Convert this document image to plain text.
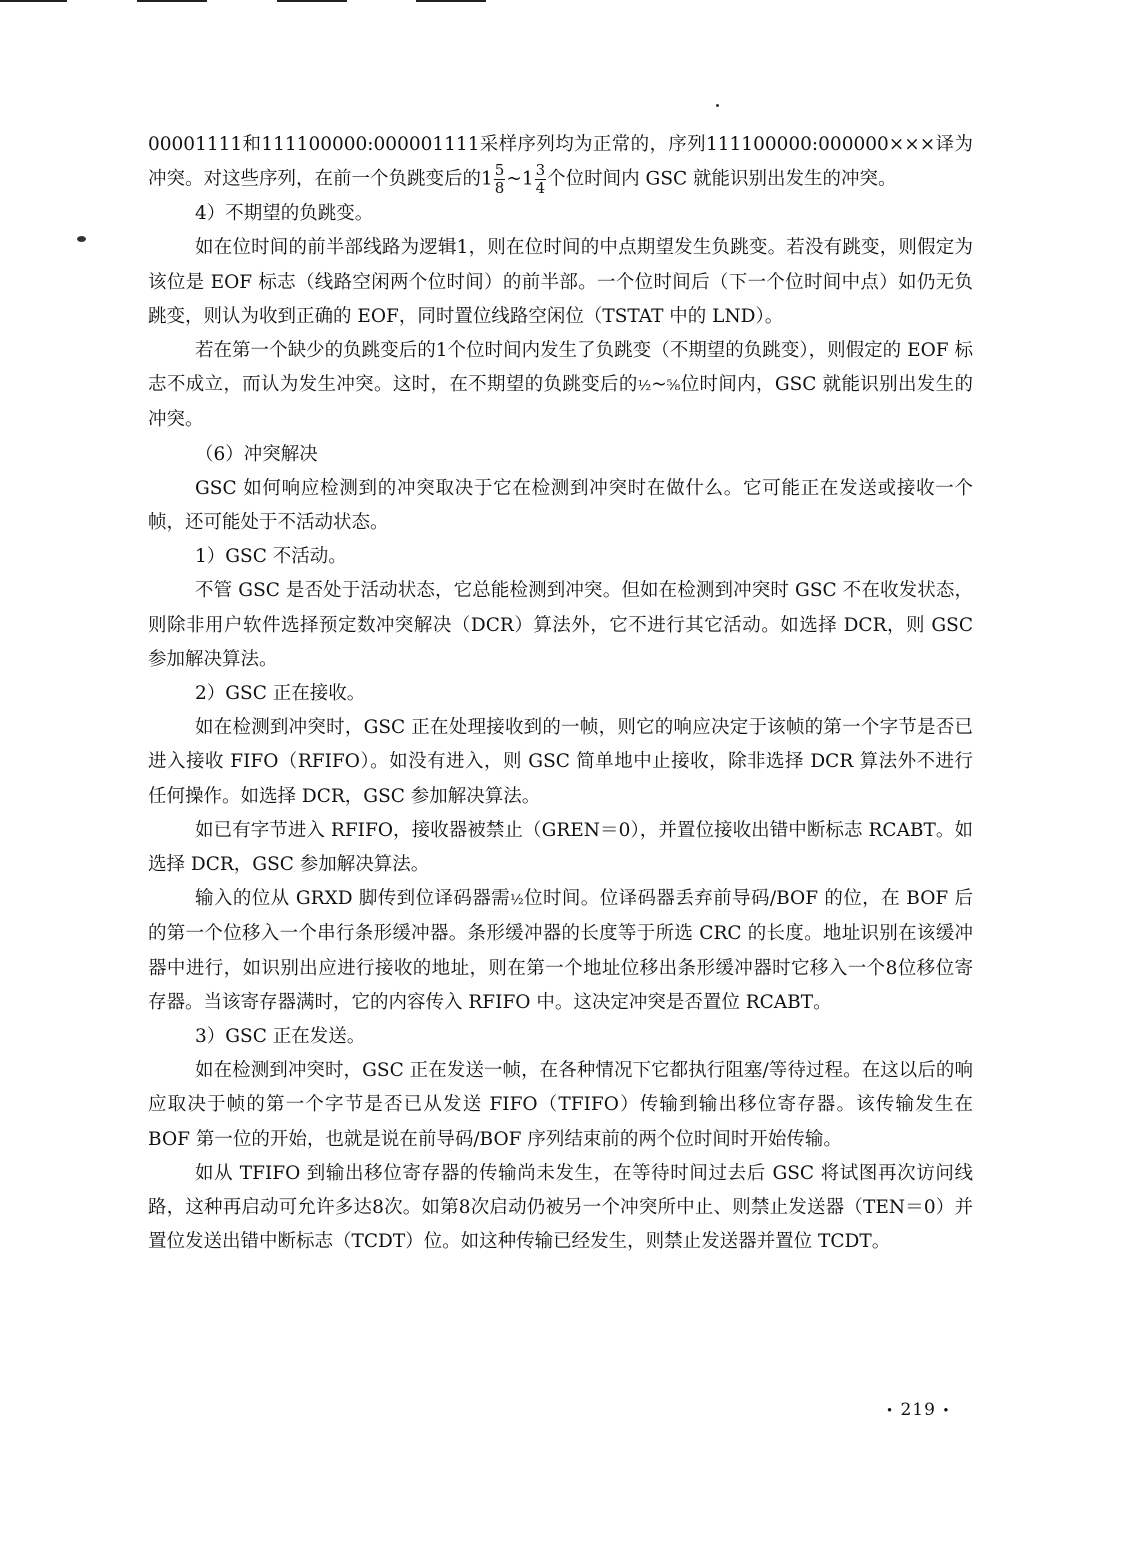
00001111和111100000:000001111采样序列均为正常的，序列111100000:000000×××译为冲突。对这些序列，在前一个负跳变后的$1 \frac{5}{8}$ ~1 $\frac{3}{4}$ 个位时间内 GSC 就能识别出发生的冲突。

4）不期望的负跳变。

如在位时间的前半部线路为逻辑1，则在位时间的中点期望发生负跳变。若没有跳变，则假定为该位是 EOF 标志（线路空闲两个位时间）的前半部。一个位时间后（下一个位时间中点）如仍无负跳变，则认为收到正确的 EOF，同时置位线路空闲位（TSTAT 中的 LND）。

若在第一个缺少的负跳变后的1个位时间内发生了负跳变（不期望的负跳变），则假定的 EOF 标志不成立，而认为发生冲突。这时，在不期望的负跳变后的½~⅝位时间内，GSC 就能识别出发生的冲突。

（6）冲突解决

GSC 如何响应检测到的冲突取决于它在检测到冲突时在做什么。它可能正在发送或接收一个帧，还可能处于不活动状态。

1）GSC 不活动。

不管 GSC 是否处于活动状态，它总能检测到冲突。但如在检测到冲突时 GSC 不在收发状态，则除非用户软件选择预定数冲突解决（DCR）算法外，它不进行其它活动。如选择 DCR，则 GSC 参加解决算法。

2）GSC 正在接收。

如在检测到冲突时，GSC 正在处理接收到的一帧，则它的响应决定于该帧的第一个字节是否已进入接收 FIFO（RFIFO）。如没有进入，则 GSC 简单地中止接收，除非选择 DCR 算法外不进行任何操作。如选择 DCR，GSC 参加解决算法。

如已有字节进入 RFIFO，接收器被禁止（GREN＝0），并置位接收出错中断标志 RCABT。如选择 DCR，GSC 参加解决算法。

输入的位从 GRXD 脚传到位译码器需½位时间。位译码器丢弃前导码/BOF 的位，在 BOF 后的第一个位移入一个串行条形缓冲器。条形缓冲器的长度等于所选 CRC 的长度。地址识别在该缓冲器中进行，如识别出应进行接收的地址，则在第一个地址位移出条形缓冲器时它移入一个8位移位寄存器。当该寄存器满时，它的内容传入 RFIFO 中。这决定冲突是否置位 RCABT。

3）GSC 正在发送。

如在检测到冲突时，GSC 正在发送一帧，在各种情况下它都执行阻塞/等待过程。在这以后的响应取决于帧的第一个字节是否已从发送 FIFO（TFIFO）传输到输出移位寄存器。该传输发生在 BOF 第一位的开始，也就是说在前导码/BOF 序列结束前的两个位时间时开始传输。

如从 TFIFO 到输出移位寄存器的传输尚未发生，在等待时间过去后 GSC 将试图再次访问线路，这种再启动可允许多达8次。如第8次启动仍被另一个冲突所中止、则禁止发送器（TEN＝0）并置位发送出错中断标志（TCDT）位。如这种传输已经发生，则禁止发送器并置位 TCDT。

• 219 •
